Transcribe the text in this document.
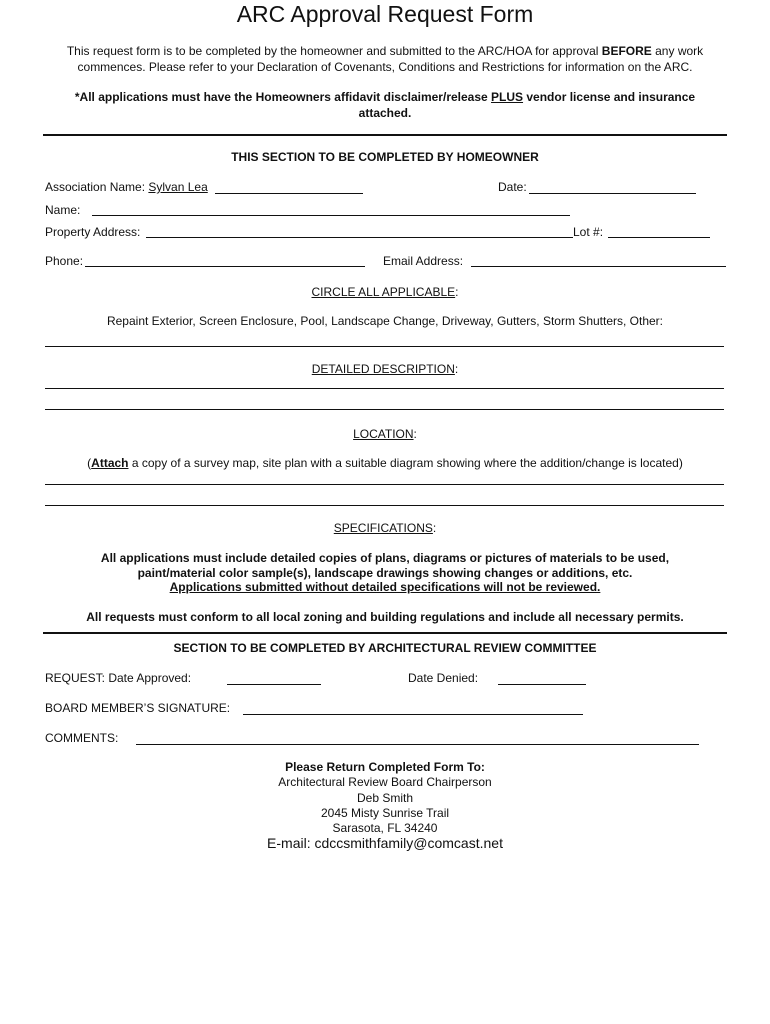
ARC Approval Request Form
This request form is to be completed by the homeowner and submitted to the ARC/HOA for approval BEFORE any work commences. Please refer to your Declaration of Covenants, Conditions and Restrictions for information on the ARC.
*All applications must have the Homeowners affidavit disclaimer/release PLUS vendor license and insurance attached.
THIS SECTION TO BE COMPLETED BY HOMEOWNER
Association Name: Sylvan Lea	Date:
Name:
Property Address:	Lot #:
Phone:	Email Address:
CIRCLE ALL APPLICABLE:
Repaint Exterior, Screen Enclosure, Pool, Landscape Change, Driveway, Gutters, Storm Shutters, Other:
DETAILED DESCRIPTION:
LOCATION:
(Attach a copy of a survey map, site plan with a suitable diagram showing where the addition/change is located)
SPECIFICATIONS:
All applications must include detailed copies of plans, diagrams or pictures of materials to be used,
paint/material color sample(s), landscape drawings showing changes or additions, etc.
Applications submitted without detailed specifications will not be reviewed.
All requests must conform to all local zoning and building regulations and include all necessary permits.
SECTION TO BE COMPLETED BY ARCHITECTURAL REVIEW COMMITTEE
REQUEST: Date Approved:	Date Denied:
BOARD MEMBER’S SIGNATURE:
COMMENTS:
Please Return Completed Form To:
Architectural Review Board Chairperson
Deb Smith
2045 Misty Sunrise Trail
Sarasota, FL 34240
E-mail: cdccsmithfamily@comcast.net
